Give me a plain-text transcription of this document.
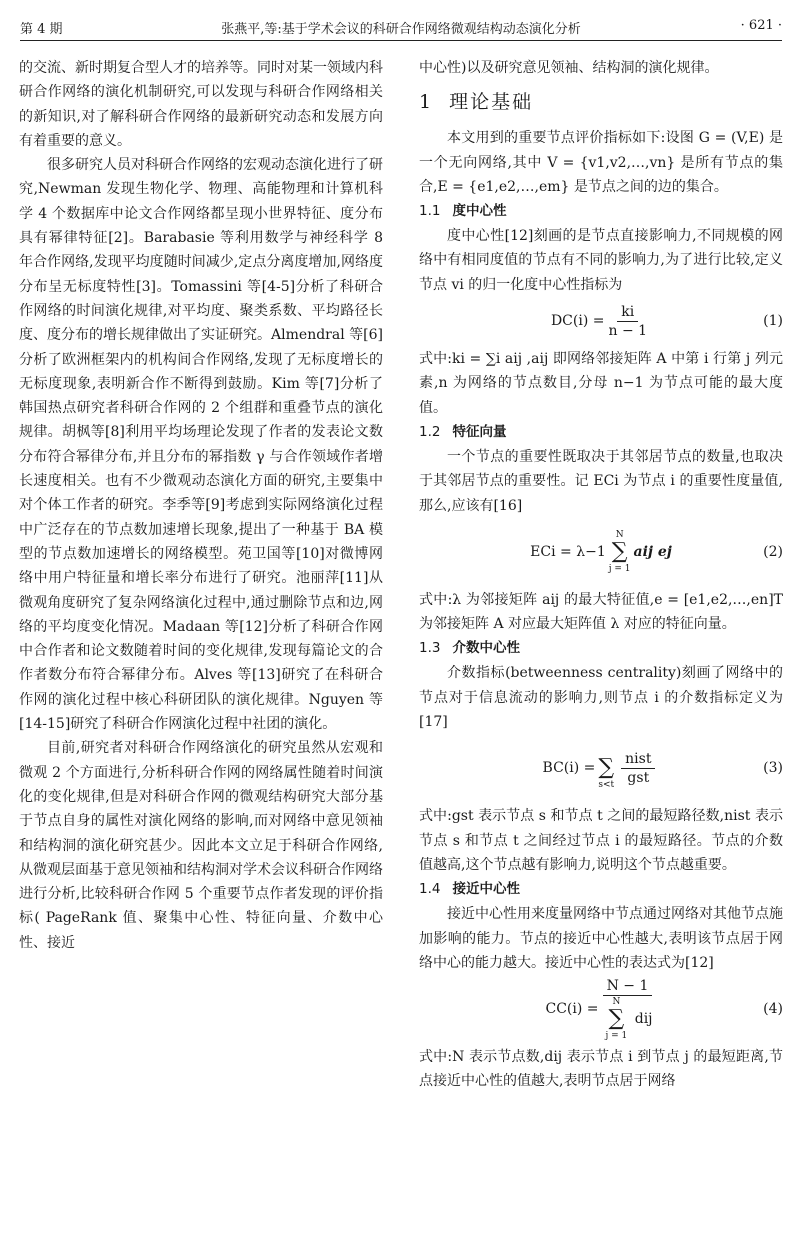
第 4 期	张燕平,等:基于学术会议的科研合作网络微观结构动态演化分析	· 621 ·

的交流、新时期复合型人才的培养等。同时对某一领域内科研合作网络的演化机制研究,可以发现与科研合作网络相关的新知识,对了解科研合作网络的最新研究动态和发展方向有着重要的意义。

很多研究人员对科研合作网络的宏观动态演化进行了研究,Newman 发现生物化学、物理、高能物理和计算机科学 4 个数据库中论文合作网络都呈现小世界特征、度分布具有幂律特征[2]。Barabasie 等利用数学与神经科学 8 年合作网络,发现平均度随时间减少,定点分离度增加,网络度分布呈无标度特性[3]。Tomassini 等[4-5]分析了科研合作网络的时间演化规律,对平均度、聚类系数、平均路径长度、度分布的增长规律做出了实证研究。Almendral 等[6]分析了欧洲框架内的机构间合作网络,发现了无标度增长的无标度现象,表明新合作不断得到鼓励。Kim 等[7]分析了韩国热点研究者科研合作网的 2 个组群和重叠节点的演化规律。胡枫等[8]利用平均场理论发现了作者的发表论文数分布符合幂律分布,并且分布的幂指数 γ 与合作领域作者增长速度相关。也有不少微观动态演化方面的研究,主要集中对个体工作者的研究。李季等[9]考虑到实际网络演化过程中广泛存在的节点数加速增长现象,提出了一种基于 BA 模型的节点数加速增长的网络模型。苑卫国等[10]对微博网络中用户特征量和增长率分布进行了研究。池丽萍[11]从微观角度研究了复杂网络演化过程中,通过删除节点和边,网络的平均度变化情况。Madaan 等[12]分析了科研合作网中合作者和论文数随着时间的变化规律,发现每篇论文的合作者数分布符合幂律分布。Alves 等[13]研究了在科研合作网的演化过程中核心科研团队的演化规律。Nguyen 等[14-15]研究了科研合作网演化过程中社团的演化。

目前,研究者对科研合作网络演化的研究虽然从宏观和微观 2 个方面进行,分析科研合作网的网络属性随着时间演化的变化规律,但是对科研合作网的微观结构研究大部分基于节点自身的属性对演化网络的影响,而对网络中意见领袖和结构洞的演化研究甚少。因此本文立足于科研合作网络,从微观层面基于意见领袖和结构洞对学术会议科研合作网络进行分析,比较科研合作网 5 个重要节点作者发现的评价指标( PageRank 值、聚集中心性、特征向量、介数中心性、接近

中心性)以及研究意见领袖、结构洞的演化规律。

1 理论基础

本文用到的重要节点评价指标如下:设图 G = (V,E) 是一个无向网络,其中 V = {v1,v2,…,vn} 是所有节点的集合,E = {e1,e2,…,em} 是节点之间的边的集合。

1.1 度中心性

度中心性[12]刻画的是节点直接影响力,不同规模的网络中有相同度值的节点有不同的影响力,为了进行比较,定义节点 vi 的归一化度中心性指标为

$DC(i) = \frac{ki}{n - 1}$	(1)

式中:ki = ∑i aij ,aij 即网络邻接矩阵 A 中第 i 行第 j 列元素,n 为网络的节点数目,分母 n−1 为节点可能的最大度值。

1.2 特征向量

一个节点的重要性既取决于其邻居节点的数量,也取决于其邻居节点的重要性。记 ECi 为节点 i 的重要性度量值,那么,应该有[16]

ECi = λ−1
N
∑
j = 1
aij ej	(2)

式中:λ 为邻接矩阵 aij 的最大特征值,e = [e1,e2,…,en]T 为邻接矩阵 A 对应最大矩阵值 λ 对应的特征向量。

1.3 介数中心性

介数指标(betweenness centrality)刻画了网络中的节点对于信息流动的影响力,则节点 i 的介数指标定义为[17]

BC(i) =
∑
$s<t \frac{\text{nist}}{\text{gst}}$	(3)

式中:gst 表示节点 s 和节点 t 之间的最短路径数,nist 表示节点 s 和节点 t 之间经过节点 i 的最短路径。节点的介数值越高,这个节点越有影响力,说明这个节点越重要。

1.4 接近中心性

接近中心性用来度量网络中节点通过网络对其他节点施加影响的能力。节点的接近中心性越大,表明该节点居于网络中心的能力越大。接近中心性的表达式为[12]

CC(i) = N − 1
N
∑
j = 1
dij	(4)

式中:N 表示节点数,dij 表示节点 i 到节点 j 的最短距离,节点接近中心性的值越大,表明节点居于网络
